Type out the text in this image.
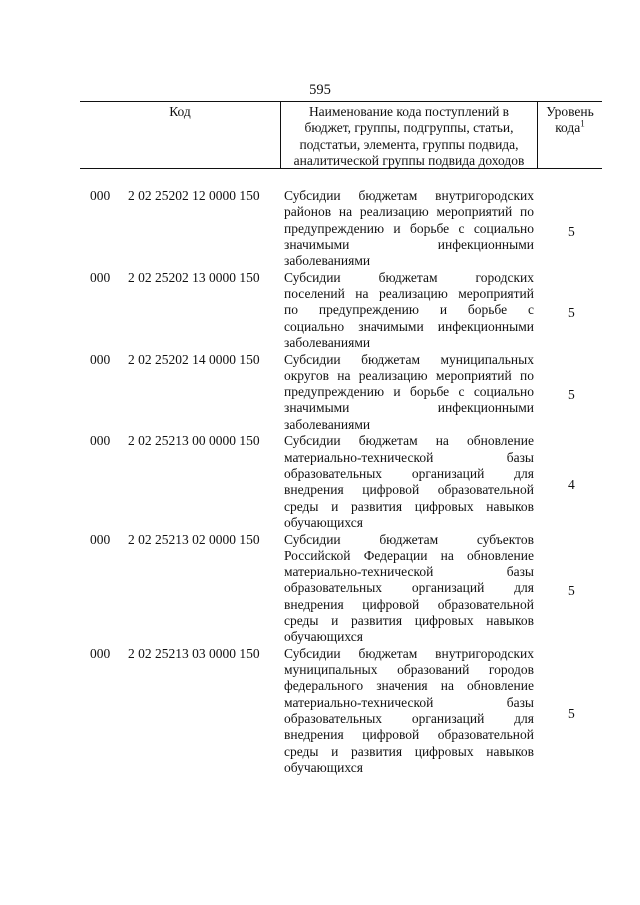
595
Код	Наименование кода поступлений в
бюджет, группы, подгруппы, статьи,
подстатьи, элемента, группы подвида,
аналитической группы подвида доходов
Уровень
кода$^1$
000 2 02 25202 12 0000 150 Субсидии бюджетам внутригородских
районов на реализацию мероприятий по
предупреждению и борьбе с социально
значимыми	инфекционными
заболеваниями
5
000 2 02 25202 13 0000 150 Субсидии	бюджетам	городских
поселений на реализацию мероприятий
по предупреждению и борьбе с
социально значимыми инфекционными
заболеваниями
5
000 2 02 25202 14 0000 150 Субсидии бюджетам муниципальных
округов на реализацию мероприятий по
предупреждению и борьбе с социально
значимыми	инфекционными
заболеваниями
5
000 2 02 25213 00 0000 150 Субсидии бюджетам на обновление
материально-технической	базы
образовательных организаций для
внедрения цифровой образовательной
среды и развития цифровых навыков
обучающихся
4
000 2 02 25213 02 0000 150 Субсидии	бюджетам	субъектов
Российской Федерации на обновление
материально-технической	базы
образовательных организаций для
внедрения цифровой образовательной
среды и развития цифровых навыков
обучающихся
5
000 2 02 25213 03 0000 150 Субсидии бюджетам внутригородских
муниципальных образований городов
федерального значения на обновление
материально-технической	базы
образовательных организаций для
внедрения цифровой образовательной
среды и развития цифровых навыков
обучающихся
5
